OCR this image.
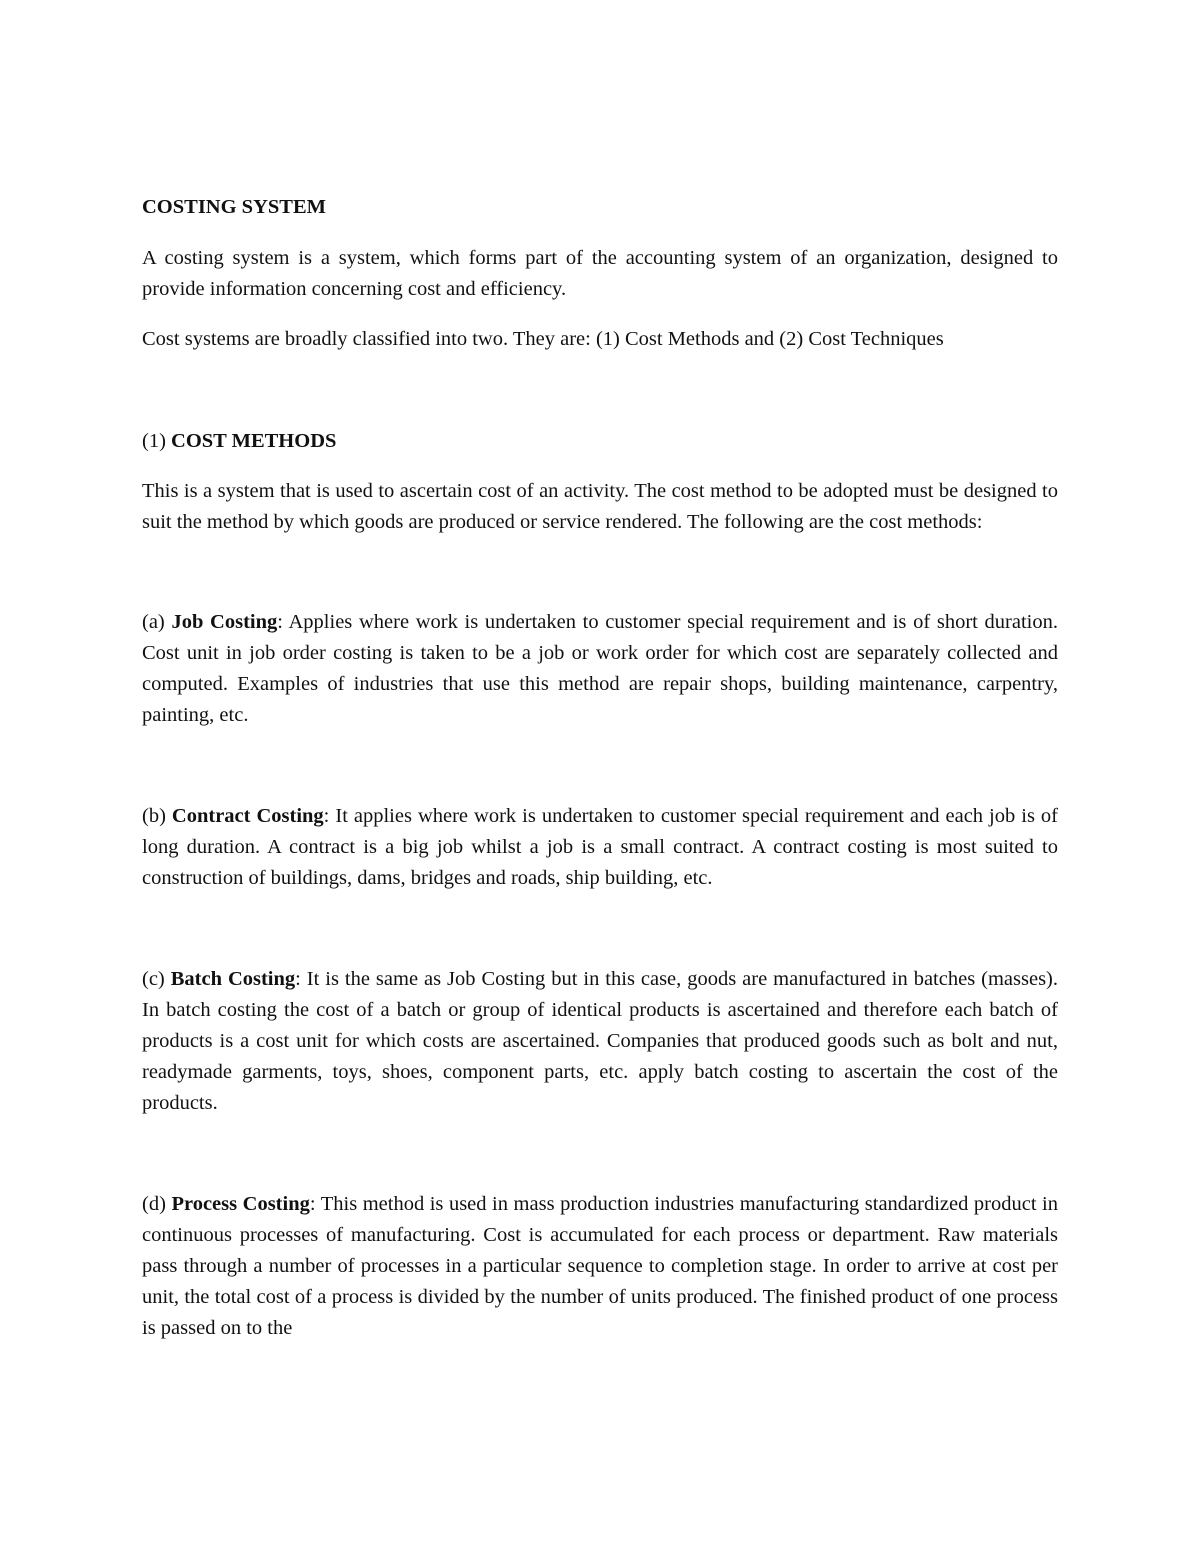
COSTING SYSTEM

A costing system is a system, which forms part of the accounting system of an organization, designed to provide information concerning cost and efficiency.

Cost systems are broadly classified into two. They are: (1) Cost Methods and (2) Cost Techniques

(1) COST METHODS

This is a system that is used to ascertain cost of an activity. The cost method to be adopted must be designed to suit the method by which goods are produced or service rendered. The following are the cost methods:

(a) Job Costing: Applies where work is undertaken to customer special requirement and is of short duration. Cost unit in job order costing is taken to be a job or work order for which cost are separately collected and computed. Examples of industries that use this method are repair shops, building maintenance, carpentry, painting, etc.

(b) Contract Costing: It applies where work is undertaken to customer special requirement and each job is of long duration. A contract is a big job whilst a job is a small contract. A contract costing is most suited to construction of buildings, dams, bridges and roads, ship building, etc.

(c) Batch Costing: It is the same as Job Costing but in this case, goods are manufactured in batches (masses). In batch costing the cost of a batch or group of identical products is ascertained and therefore each batch of products is a cost unit for which costs are ascertained. Companies that produced goods such as bolt and nut, readymade garments, toys, shoes, component parts, etc. apply batch costing to ascertain the cost of the products.

(d) Process Costing: This method is used in mass production industries manufacturing standardized product in continuous processes of manufacturing. Cost is accumulated for each process or department. Raw materials pass through a number of processes in a particular sequence to completion stage. In order to arrive at cost per unit, the total cost of a process is divided by the number of units produced. The finished product of one process is passed on to the
